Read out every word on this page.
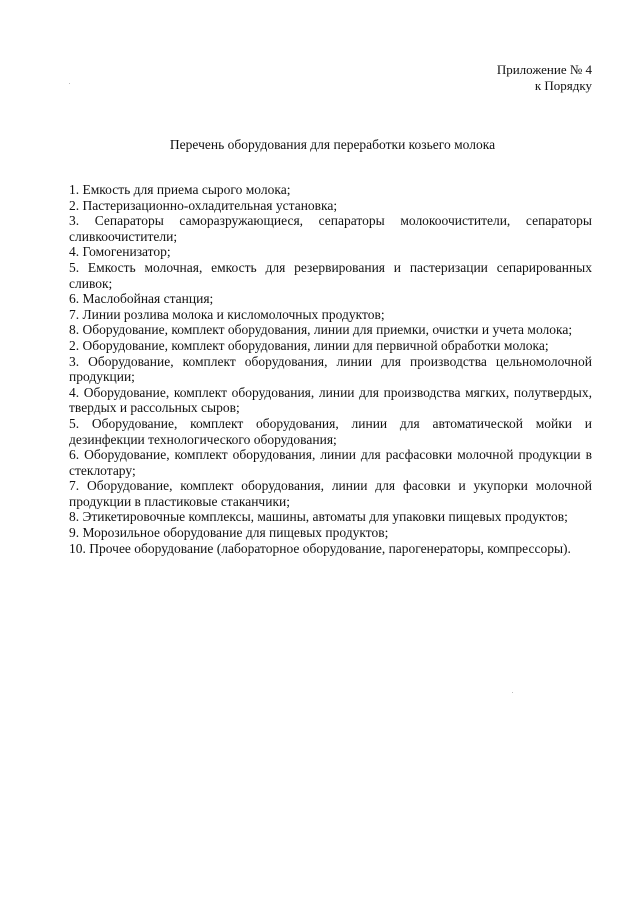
Приложение № 4
к Порядку
Перечень оборудования для переработки козьего молока

1. Емкость для приема сырого молока;

2. Пастеризационно-охладительная установка;

3. Сепараторы саморазружающиеся, сепараторы молокоочистители, сепараторы сливкоочистители;

4. Гомогенизатор;

5. Емкость молочная, емкость для резервирования и пастеризации сепарированных сливок;

6. Маслобойная станция;

7. Линии розлива молока и кисломолочных продуктов;

8. Оборудование, комплект оборудования, линии для приемки, очистки и учета молока;

2. Оборудование, комплект оборудования, линии для первичной обработки молока;

3. Оборудование, комплект оборудования, линии для производства цельномолочной продукции;

4. Оборудование, комплект оборудования, линии для производства мягких, полутвердых, твердых и рассольных сыров;

5. Оборудование, комплект оборудования, линии для автоматической мойки и дезинфекции технологического оборудования;

6. Оборудование, комплект оборудования, линии для расфасовки молочной продукции в стеклотару;

7. Оборудование, комплект оборудования, линии для фасовки и укупорки молочной продукции в пластиковые стаканчики;

8. Этикетировочные комплексы, машины, автоматы для упаковки пищевых продуктов;

9. Морозильное оборудование для пищевых продуктов;

10. Прочее оборудование (лабораторное оборудование, парогенераторы, компрессоры).
